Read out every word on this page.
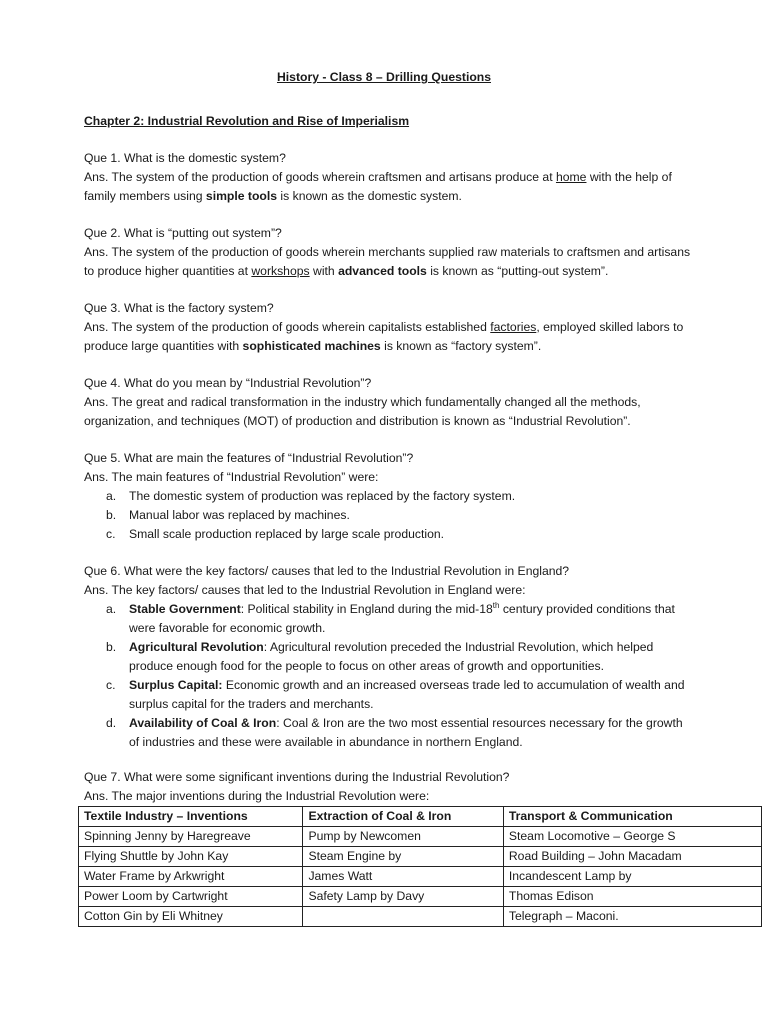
History - Class 8 – Drilling Questions
Chapter 2: Industrial Revolution and Rise of Imperialism

Que 1. What is the domestic system?

Ans. The system of the production of goods wherein craftsmen and artisans produce at home with the help of family members using simple tools is known as the domestic system.

Que 2. What is “putting out system”?

Ans. The system of the production of goods wherein merchants supplied raw materials to craftsmen and artisans to produce higher quantities at workshops with advanced tools is known as “putting-out system”.

Que 3. What is the factory system?

Ans. The system of the production of goods wherein capitalists established factories, employed skilled labors to produce large quantities with sophisticated machines is known as “factory system”.

Que 4. What do you mean by “Industrial Revolution”?

Ans. The great and radical transformation in the industry which fundamentally changed all the methods, organization, and techniques (MOT) of production and distribution is known as “Industrial Revolution”.

Que 5. What are main the features of “Industrial Revolution”?

Ans. The main features of “Industrial Revolution” were:

a. The domestic system of production was replaced by the factory system.
b. Manual labor was replaced by machines.
c. Small scale production replaced by large scale production.

Que 6. What were the key factors/ causes that led to the Industrial Revolution in England?

Ans. The key factors/ causes that led to the Industrial Revolution in England were:

a. Stable Government: Political stability in England during the mid-18th century provided conditions that were favorable for economic growth.
b. Agricultural Revolution: Agricultural revolution preceded the Industrial Revolution, which helped produce enough food for the people to focus on other areas of growth and opportunities.
c. Surplus Capital: Economic growth and an increased overseas trade led to accumulation of wealth and surplus capital for the traders and merchants.
d. Availability of Coal & Iron: Coal & Iron are the two most essential resources necessary for the growth of industries and these were available in abundance in northern England.

Que 7. What were some significant inventions during the Industrial Revolution?

Ans. The major inventions during the Industrial Revolution were:

Textile Industry – Inventions	Extraction of Coal & Iron	Transport & Communication
Spinning Jenny by Haregreave	Pump by Newcomen	Steam Locomotive – George S
Flying Shuttle by John Kay	Steam Engine by	Road Building – John Macadam
Water Frame by Arkwright	James Watt	Incandescent Lamp by
Power Loom by Cartwright	Safety Lamp by Davy	Thomas Edison
Cotton Gin by Eli Whitney		Telegraph – Maconi.
